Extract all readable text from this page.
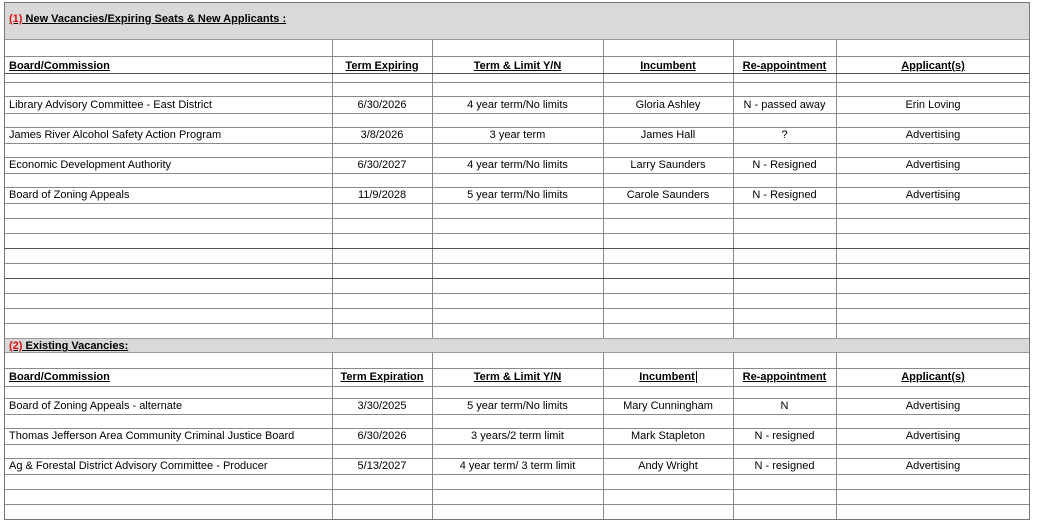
(1) New Vacancies/Expiring Seats & New Applicants :
(2) Existing Vacancies:
Board/Commission	Term Expiring	Term & Limit Y/N	Incumbent	Re-appointment	Applicant(s)
Library Advisory Committee - East District	6/30/2026	4 year term/No limits	Gloria Ashley	N - passed away	Erin Loving
James River Alcohol Safety Action Program	3/8/2026	3 year term	James Hall	?	Advertising
Economic Development Authority	6/30/2027	4 year term/No limits	Larry Saunders	N - Resigned	Advertising
Board of Zoning Appeals	11/9/2028	5 year term/No limits	Carole Saunders	N - Resigned	Advertising
Board/Commission	Term Expiration	Term & Limit Y/N	Incumbent	Re-appointment	Applicant(s)
Board of Zoning Appeals - alternate	3/30/2025	5 year term/No limits	Mary Cunningham	N	Advertising
Thomas Jefferson Area Community Criminal Justice Board	6/30/2026	3 years/2 term limit	Mark Stapleton	N - resigned	Advertising
Ag & Forestal District Advisory Committee - Producer	5/13/2027	4 year term/ 3 term limit	Andy Wright	N - resigned	Advertising
